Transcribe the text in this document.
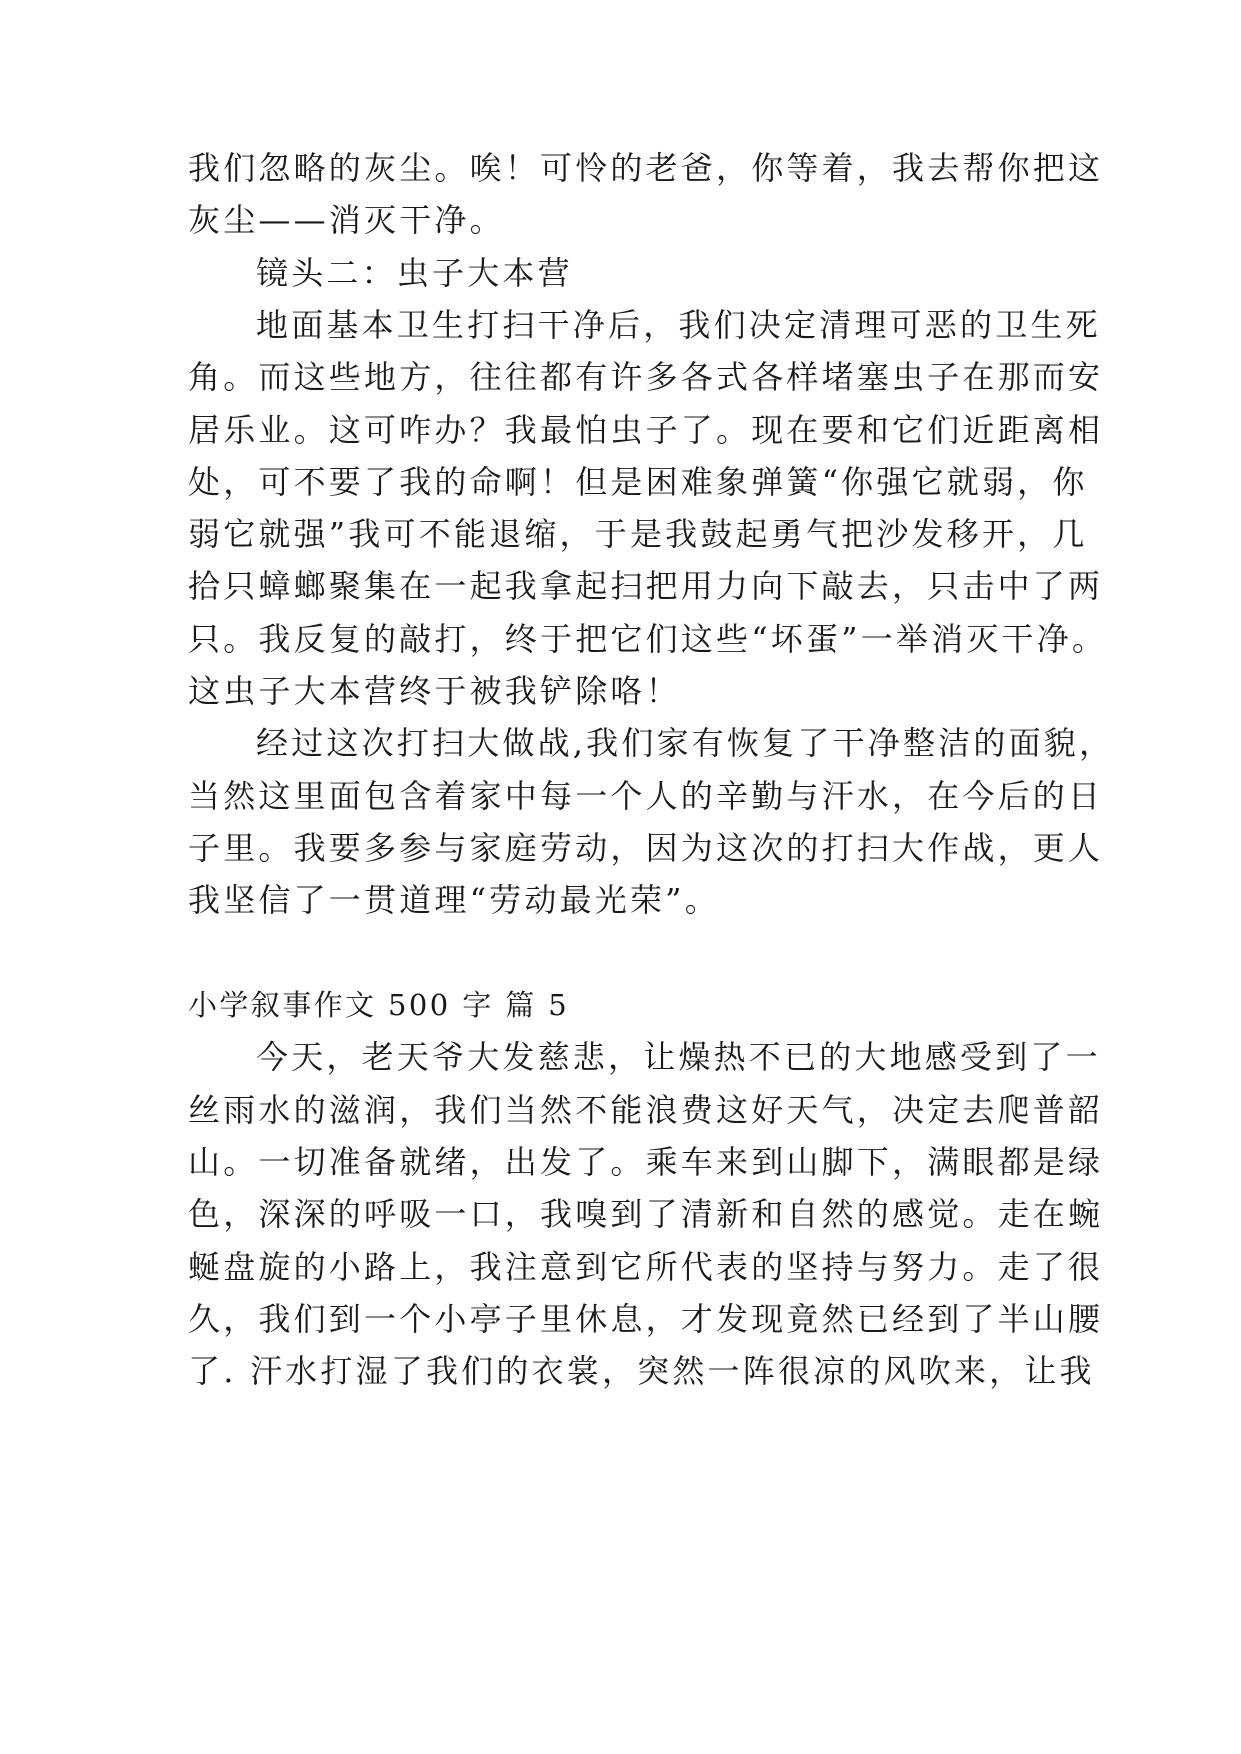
我们忽略的灰尘。唉！可怜的老爸，你等着，我去帮你把这
灰尘——消灭干净。
镜头二：虫子大本营
地面基本卫生打扫干净后，我们决定清理可恶的卫生死
角。而这些地方，往往都有许多各式各样堵塞虫子在那而安
居乐业。这可咋办？我最怕虫子了。现在要和它们近距离相
处，可不要了我的命啊！但是困难象弹簧“你强它就弱，你
弱它就强”我可不能退缩，于是我鼓起勇气把沙发移开，几
拾只蟑螂聚集在一起我拿起扫把用力向下敲去，只击中了两
只。我反复的敲打，终于把它们这些“坏蛋”一举消灭干净。
这虫子大本营终于被我铲除咯！
经过这次打扫大做战,我们家有恢复了干净整洁的面貌，
当然这里面包含着家中每一个人的辛勤与汗水，在今后的日
子里。我要多参与家庭劳动，因为这次的打扫大作战，更人
我坚信了一贯道理“劳动最光荣”。
小学叙事作文 500 字 篇 5
今天，老天爷大发慈悲，让燥热不已的大地感受到了一
丝雨水的滋润，我们当然不能浪费这好天气，决定去爬普韶
山。一切准备就绪，出发了。乘车来到山脚下，满眼都是绿
色，深深的呼吸一口，我嗅到了清新和自然的感觉。走在蜿
蜒盘旋的小路上，我注意到它所代表的坚持与努力。走了很
久，我们到一个小亭子里休息，才发现竟然已经到了半山腰
了. 汗水打湿了我们的衣裳，突然一阵很凉的风吹来，让我
